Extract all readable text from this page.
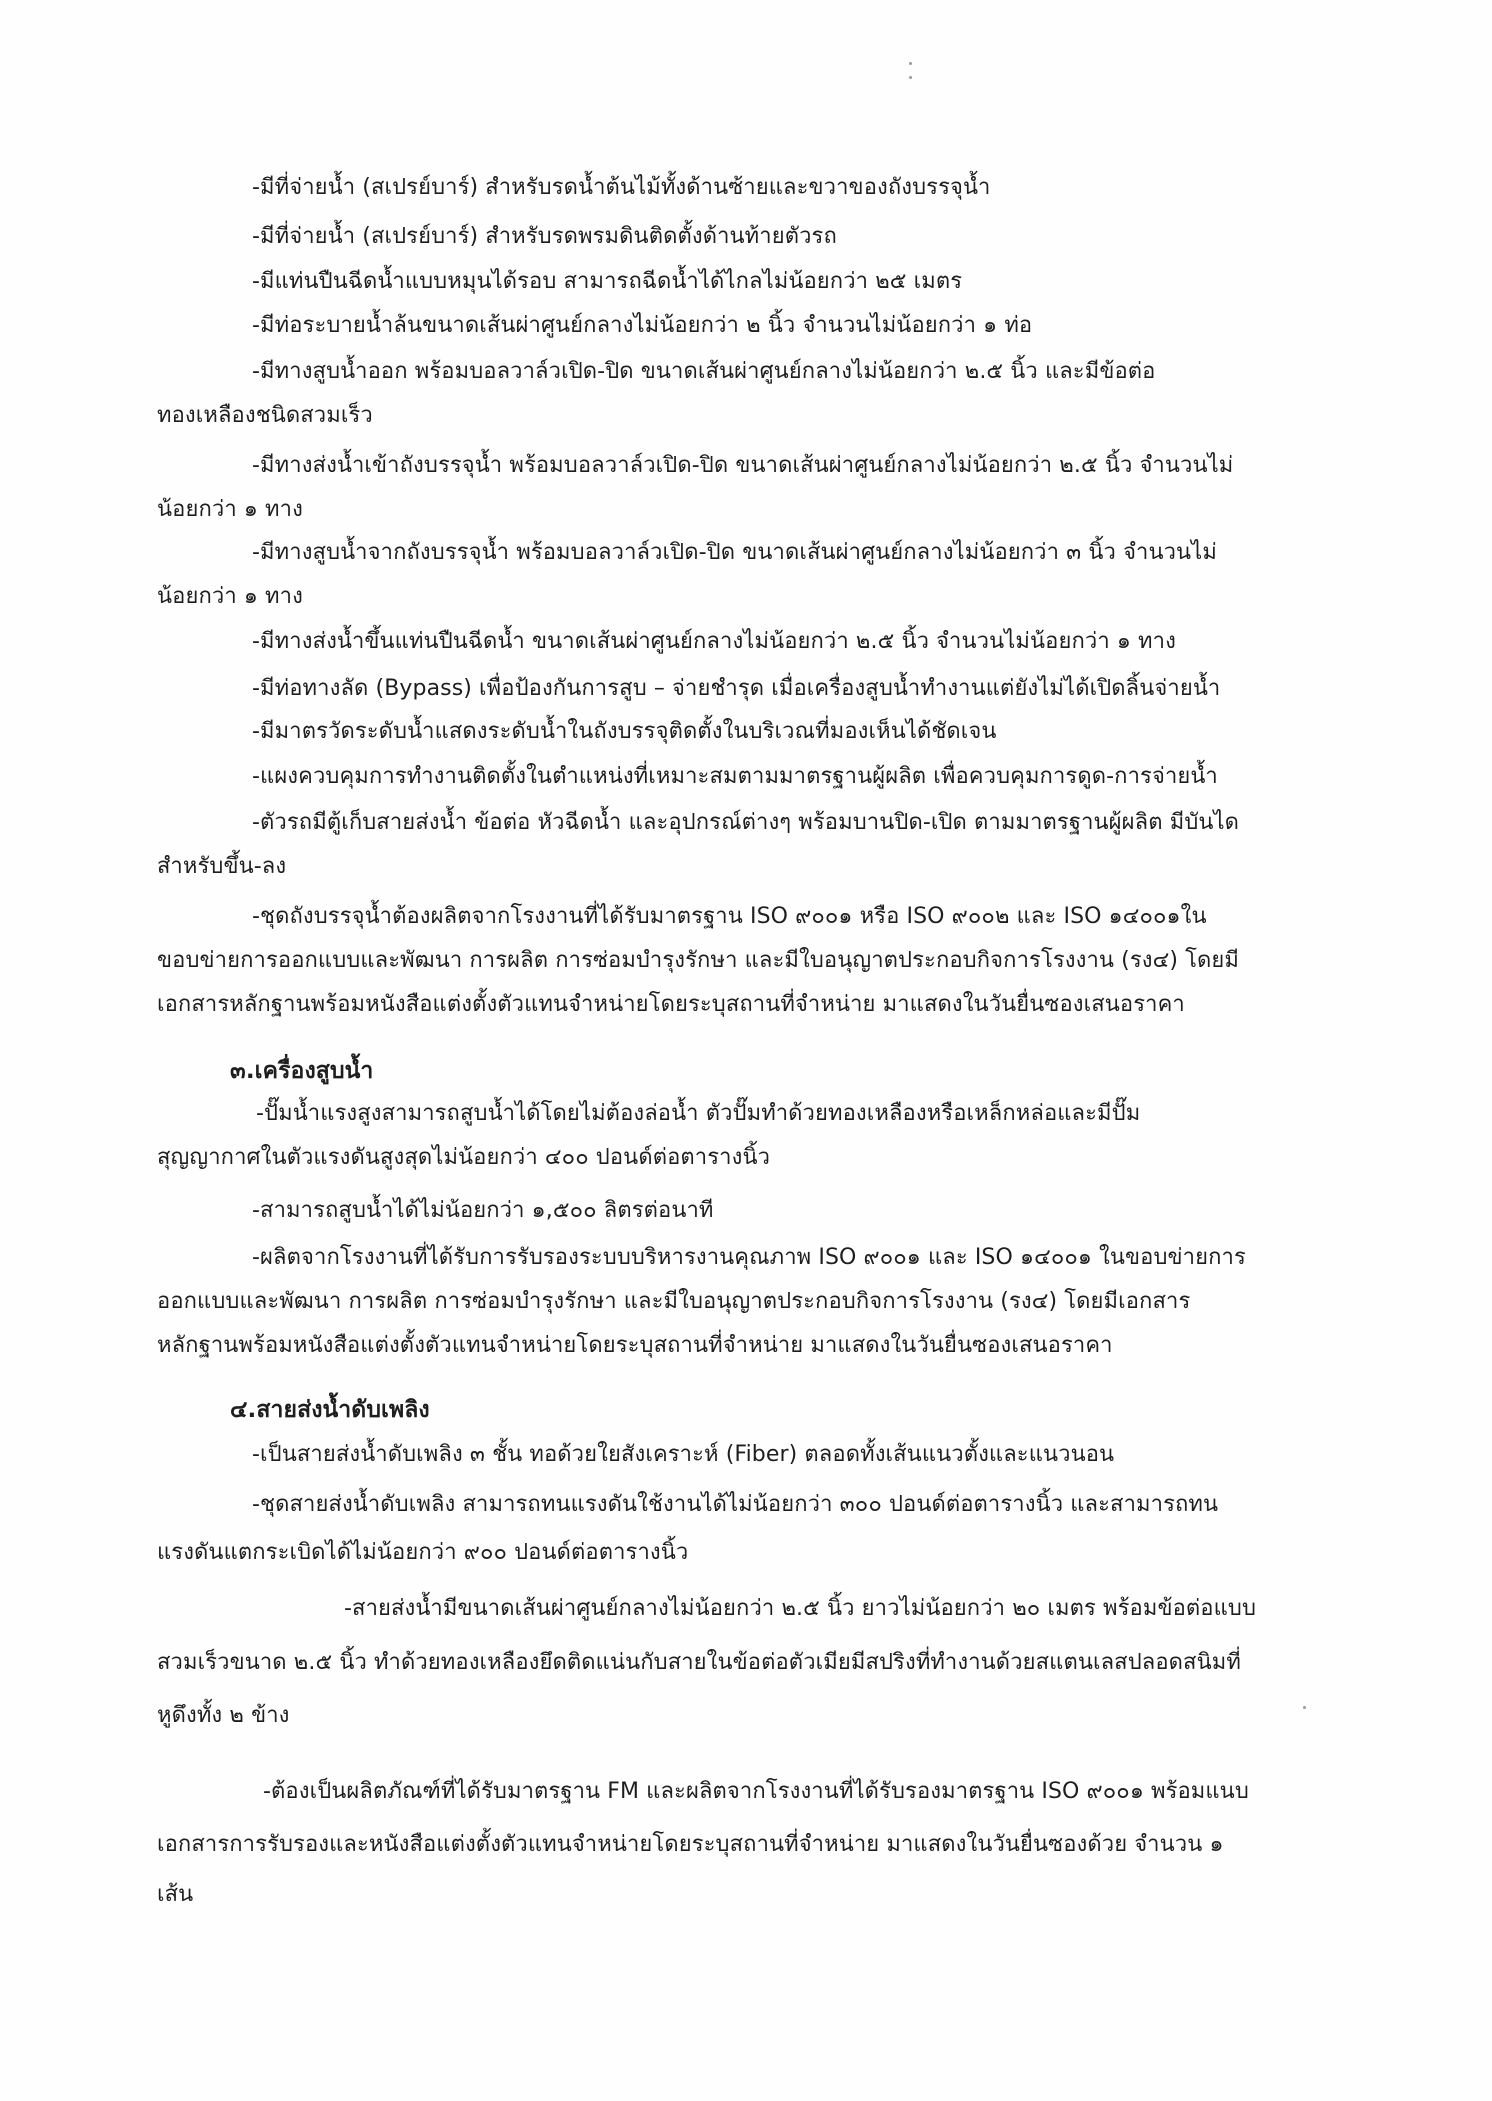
-มีที่จ่ายน้ำ (สเปรย์บาร์) สำหรับรดน้ำต้นไม้ทั้งด้านซ้ายและขวาของถังบรรจุน้ำ
-มีที่จ่ายน้ำ (สเปรย์บาร์) สำหรับรดพรมดินติดตั้งด้านท้ายตัวรถ
-มีแท่นปืนฉีดน้ำแบบหมุนได้รอบ สามารถฉีดน้ำได้ไกลไม่น้อยกว่า ๒๕ เมตร
-มีท่อระบายน้ำล้นขนาดเส้นผ่าศูนย์กลางไม่น้อยกว่า ๒ นิ้ว จำนวนไม่น้อยกว่า ๑ ท่อ
-มีทางสูบน้ำออก พร้อมบอลวาล์วเปิด-ปิด ขนาดเส้นผ่าศูนย์กลางไม่น้อยกว่า ๒.๕ นิ้ว และมีข้อต่อ
ทองเหลืองชนิดสวมเร็ว
-มีทางส่งน้ำเข้าถังบรรจุน้ำ พร้อมบอลวาล์วเปิด-ปิด ขนาดเส้นผ่าศูนย์กลางไม่น้อยกว่า ๒.๕ นิ้ว จำนวนไม่
น้อยกว่า ๑ ทาง
-มีทางสูบน้ำจากถังบรรจุน้ำ พร้อมบอลวาล์วเปิด-ปิด ขนาดเส้นผ่าศูนย์กลางไม่น้อยกว่า ๓ นิ้ว จำนวนไม่
น้อยกว่า ๑ ทาง
-มีทางส่งน้ำขึ้นแท่นปืนฉีดน้ำ ขนาดเส้นผ่าศูนย์กลางไม่น้อยกว่า ๒.๕ นิ้ว จำนวนไม่น้อยกว่า ๑ ทาง
-มีท่อทางลัด (Bypass) เพื่อป้องกันการสูบ – จ่ายชำรุด เมื่อเครื่องสูบน้ำทำงานแต่ยังไม่ได้เปิดลิ้นจ่ายน้ำ
-มีมาตรวัดระดับน้ำแสดงระดับน้ำในถังบรรจุติดตั้งในบริเวณที่มองเห็นได้ชัดเจน
-แผงควบคุมการทำงานติดตั้งในตำแหน่งที่เหมาะสมตามมาตรฐานผู้ผลิต เพื่อควบคุมการดูด-การจ่ายน้ำ
-ตัวรถมีตู้เก็บสายส่งน้ำ ข้อต่อ หัวฉีดน้ำ และอุปกรณ์ต่างๆ พร้อมบานปิด-เปิด ตามมาตรฐานผู้ผลิต มีบันได
สำหรับขึ้น-ลง
-ชุดถังบรรจุน้ำต้องผลิตจากโรงงานที่ได้รับมาตรฐาน ISO ๙๐๐๑ หรือ ISO ๙๐๐๒ และ ISO ๑๔๐๐๑ใน
ขอบข่ายการออกแบบและพัฒนา การผลิต การซ่อมบำรุงรักษา และมีใบอนุญาตประกอบกิจการโรงงาน (รง๔) โดยมี
เอกสารหลักฐานพร้อมหนังสือแต่งตั้งตัวแทนจำหน่ายโดยระบุสถานที่จำหน่าย มาแสดงในวันยื่นซองเสนอราคา
๓.เครื่องสูบน้ำ
-ปั๊มน้ำแรงสูงสามารถสูบน้ำได้โดยไม่ต้องล่อน้ำ ตัวปั๊มทำด้วยทองเหลืองหรือเหล็กหล่อและมีปั๊ม
สุญญากาศในตัวแรงดันสูงสุดไม่น้อยกว่า ๔๐๐ ปอนด์ต่อตารางนิ้ว
-สามารถสูบน้ำได้ไม่น้อยกว่า ๑,๕๐๐ ลิตรต่อนาที
-ผลิตจากโรงงานที่ได้รับการรับรองระบบบริหารงานคุณภาพ ISO ๙๐๐๑ และ ISO ๑๔๐๐๑ ในขอบข่ายการ
ออกแบบและพัฒนา การผลิต การซ่อมบำรุงรักษา และมีใบอนุญาตประกอบกิจการโรงงาน (รง๔) โดยมีเอกสาร
หลักฐานพร้อมหนังสือแต่งตั้งตัวแทนจำหน่ายโดยระบุสถานที่จำหน่าย มาแสดงในวันยื่นซองเสนอราคา
๔.สายส่งน้ำดับเพลิง
-เป็นสายส่งน้ำดับเพลิง ๓ ชั้น ทอด้วยใยสังเคราะห์ (Fiber) ตลอดทั้งเส้นแนวตั้งและแนวนอน
-ชุดสายส่งน้ำดับเพลิง สามารถทนแรงดันใช้งานได้ไม่น้อยกว่า ๓๐๐ ปอนด์ต่อตารางนิ้ว และสามารถทน
แรงดันแตกระเบิดได้ไม่น้อยกว่า ๙๐๐ ปอนด์ต่อตารางนิ้ว
-สายส่งน้ำมีขนาดเส้นผ่าศูนย์กลางไม่น้อยกว่า ๒.๕ นิ้ว ยาวไม่น้อยกว่า ๒๐ เมตร พร้อมข้อต่อแบบ
สวมเร็วขนาด ๒.๕ นิ้ว ทำด้วยทองเหลืองยึดติดแน่นกับสายในข้อต่อตัวเมียมีสปริงที่ทำงานด้วยสแตนเลสปลอดสนิมที่
หูดึงทั้ง ๒ ข้าง
-ต้องเป็นผลิตภัณฑ์ที่ได้รับมาตรฐาน FM และผลิตจากโรงงานที่ได้รับรองมาตรฐาน ISO ๙๐๐๑ พร้อมแนบ
เอกสารการรับรองและหนังสือแต่งตั้งตัวแทนจำหน่ายโดยระบุสถานที่จำหน่าย มาแสดงในวันยื่นซองด้วย จำนวน ๑
เส้น
